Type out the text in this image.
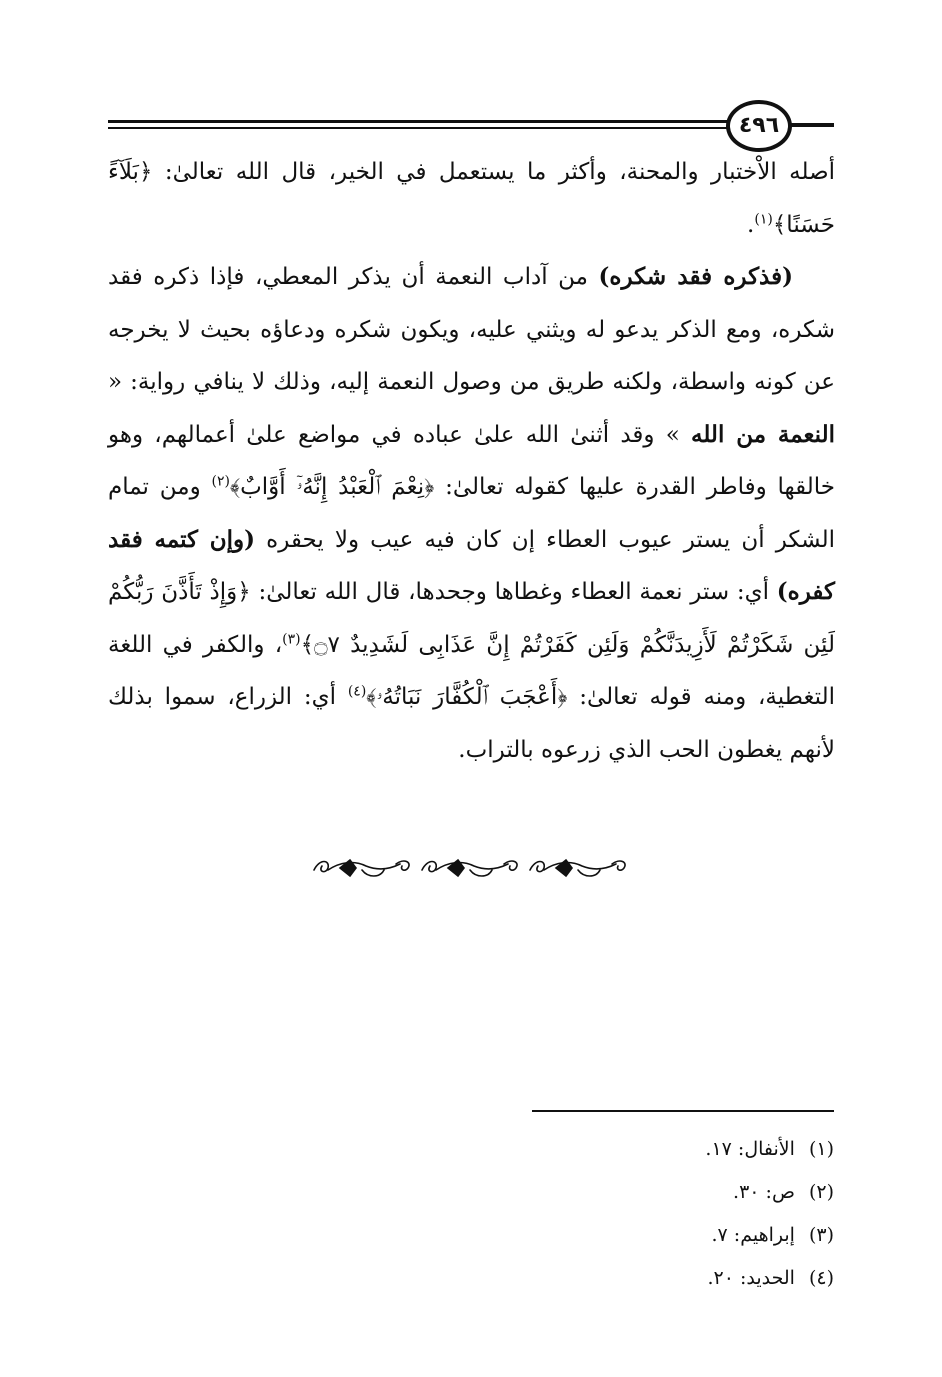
٤٩٦

أصله الاْختبار والمحنة، وأكثر ما يستعمل في الخير، قال الله تعالىٰ: ﴿بَلَآءً حَسَنًا﴾$^{(١)}$.

(فذكره فقد شكره) من آداب النعمة أن يذكر المعطي، فإذا ذكره فقد شكره، ومع الذكر يدعو له ويثني عليه، ويكون شكره ودعاؤه بحيث لا يخرجه عن كونه واسطة، ولكنه طريق من وصول النعمة إليه، وذلك لا ينافي رواية: « النعمة من الله » وقد أثنىٰ الله علىٰ عباده في مواضع علىٰ أعمالهم، وهو خالقها وفاطر القدرة عليها كقوله تعالىٰ: ﴿نِعْمَ ٱلْعَبْدُ إِنَّهُۥٓ أَوَّابٌ﴾$^{(٢)}$ ومن تمام الشكر أن يستر عيوب العطاء إن كان فيه عيب ولا يحقره (وإن كتمه فقد كفره) أي: ستر نعمة العطاء وغطاها وجحدها، قال الله تعالىٰ: ﴿وَإِذْ تَأَذَّنَ رَبُّكُمْ لَئِن شَكَرْتُمْ لَأَزِيدَنَّكُمْ وَلَئِن كَفَرْتُمْ إِنَّ عَذَابِى لَشَدِيدٌ ۝٧﴾$^{(٣)}$، والكفر في اللغة التغطية، ومنه قوله تعالىٰ: ﴿أَعْجَبَ ٱلْكُفَّارَ نَبَاتُهُۥ﴾$^{(٤)}$ أي: الزراع، سموا بذلك لأنهم يغطون الحب الذي زرعوه بالتراب.

(١)الأنفال: ١٧.
(٢)ص: ٣٠.
(٣)إبراهيم: ٧.
(٤)الحديد: ٢٠.
